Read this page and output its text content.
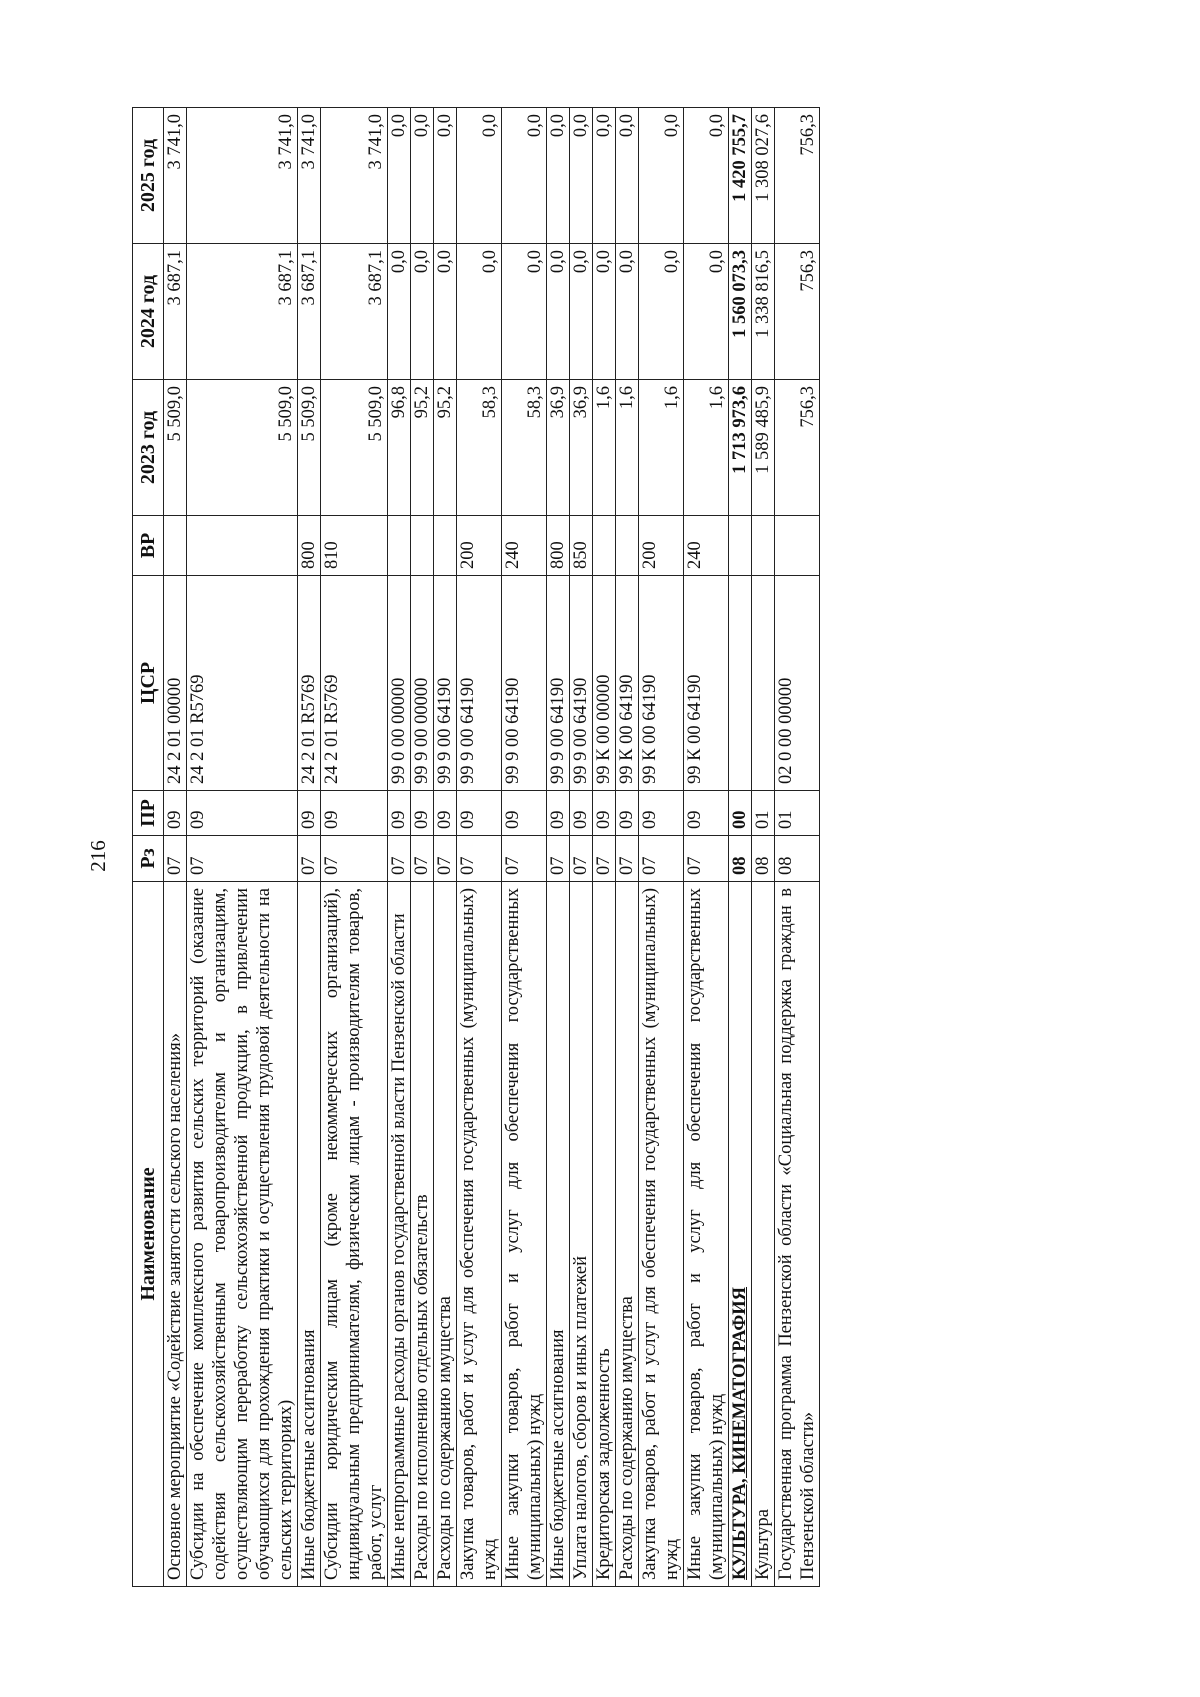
216
Наименование	Рз	ПР	ЦСР	ВР	2023 год	2024 год	2025 год
Основное мероприятие «Содействие занятости сельского населения»	07	09	24 2 01 00000		5 509,0	3 687,1	3 741,0
Субсидии на обеспечение комплексного развития сельских территорий (оказание содействия сельскохозяйственным товаропроизводителям и организациям, осуществляющим переработку сельскохозяйственной продукции, в привлечении обучающихся для прохождения практики и осуществления трудовой деятельности на сельских территориях)	07	09	24 2 01 R5769		5 509,0	3 687,1	3 741,0
Иные бюджетные ассигнования	07	09	24 2 01 R5769	800	5 509,0	3 687,1	3 741,0
Субсидии юридическим лицам (кроме некоммерческих организаций), индивидуальным предпринимателям, физическим лицам - производителям товаров, работ, услуг	07	09	24 2 01 R5769	810	5 509,0	3 687,1	3 741,0
Иные непрограммные расходы органов государственной власти Пензенской области	07	09	99 0 00 00000		96,8	0,0	0,0
Расходы по исполнению отдельных обязательств	07	09	99 9 00 00000		95,2	0,0	0,0
Расходы по содержанию имущества	07	09	99 9 00 64190		95,2	0,0	0,0
Закупка товаров, работ и услуг для обеспечения государственных (муниципальных) нужд	07	09	99 9 00 64190	200	58,3	0,0	0,0
Иные закупки товаров, работ и услуг для обеспечения государственных (муниципальных) нужд	07	09	99 9 00 64190	240	58,3	0,0	0,0
Иные бюджетные ассигнования	07	09	99 9 00 64190	800	36,9	0,0	0,0
Уплата налогов, сборов и иных платежей	07	09	99 9 00 64190	850	36,9	0,0	0,0
Кредиторская задолженность	07	09	99 К 00 00000		1,6	0,0	0,0
Расходы по содержанию имущества	07	09	99 К 00 64190		1,6	0,0	0,0
Закупка товаров, работ и услуг для обеспечения государственных (муниципальных) нужд	07	09	99 К 00 64190	200	1,6	0,0	0,0
Иные закупки товаров, работ и услуг для обеспечения государственных (муниципальных) нужд	07	09	99 К 00 64190	240	1,6	0,0	0,0
КУЛЬТУРА, КИНЕМАТОГРАФИЯ	08	00			1 713 973,6	1 560 073,3	1 420 755,7
Культура	08	01			1 589 485,9	1 338 816,5	1 308 027,6
Государственная программа Пензенской области «Социальная поддержка граждан в Пензенской области»	08	01	02 0 00 00000		756,3	756,3	756,3
